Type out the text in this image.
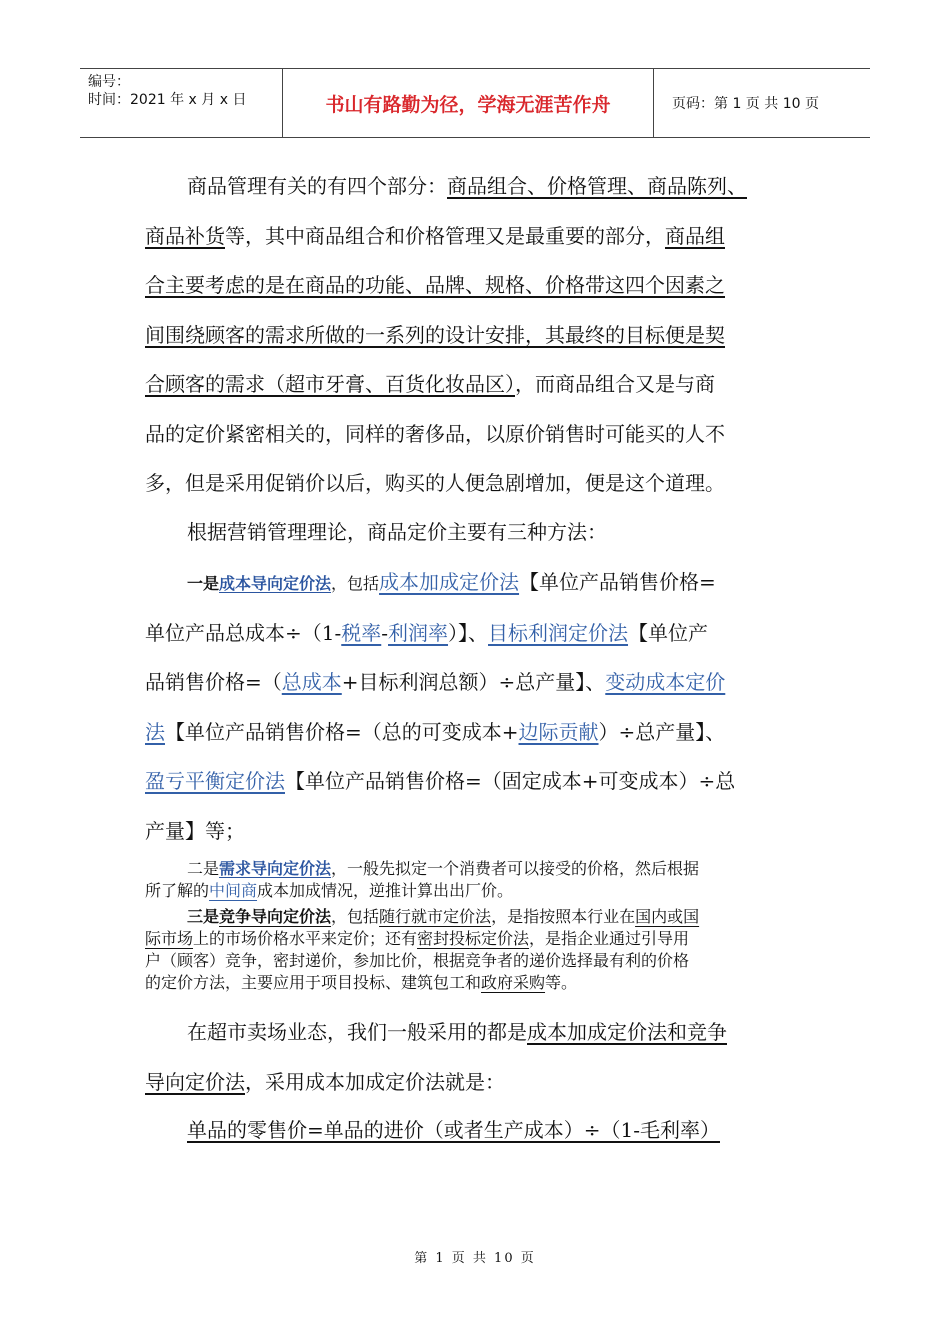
编号：
时间：2021 年 x 月 x 日	书山有路勤为径，学海无涯苦作舟	页码：第 1 页 共 10 页
商品管理有关的有四个部分：商品组合、价格管理、商品陈列、
商品补货等，其中商品组合和价格管理又是最重要的部分，商品组
合主要考虑的是在商品的功能、品牌、规格、价格带这四个因素之
间围绕顾客的需求所做的一系列的设计安排，其最终的目标便是契
合顾客的需求（超市牙膏、百货化妆品区），而商品组合又是与商
品的定价紧密相关的，同样的奢侈品，以原价销售时可能买的人不
多，但是采用促销价以后，购买的人便急剧增加，便是这个道理。
根据营销管理理论，商品定价主要有三种方法：
一是成本导向定价法，包括成本加成定价法【单位产品销售价格=
单位产品总成本÷（1-税率-利润率）】、目标利润定价法【单位产
品销售价格=（总成本+目标利润总额）÷总产量】、变动成本定价
法【单位产品销售价格=（总的可变成本+边际贡献）÷总产量】、
盈亏平衡定价法【单位产品销售价格=（固定成本+可变成本）÷总
产量】等；
二是需求导向定价法，一般先拟定一个消费者可以接受的价格，然后根据
所了解的中间商成本加成情况，逆推计算出出厂价。
三是竞争导向定价法，包括随行就市定价法，是指按照本行业在国内或国
际市场上的市场价格水平来定价；还有密封投标定价法，是指企业通过引导用
户（顾客）竞争，密封递价，参加比价，根据竞争者的递价选择最有利的价格
的定价方法，主要应用于项目投标、建筑包工和政府采购等。
在超市卖场业态，我们一般采用的都是成本加成定价法和竞争
导向定价法，采用成本加成定价法就是：
单品的零售价=单品的进价（或者生产成本）÷（1-毛利率）
第 1 页 共 10 页
